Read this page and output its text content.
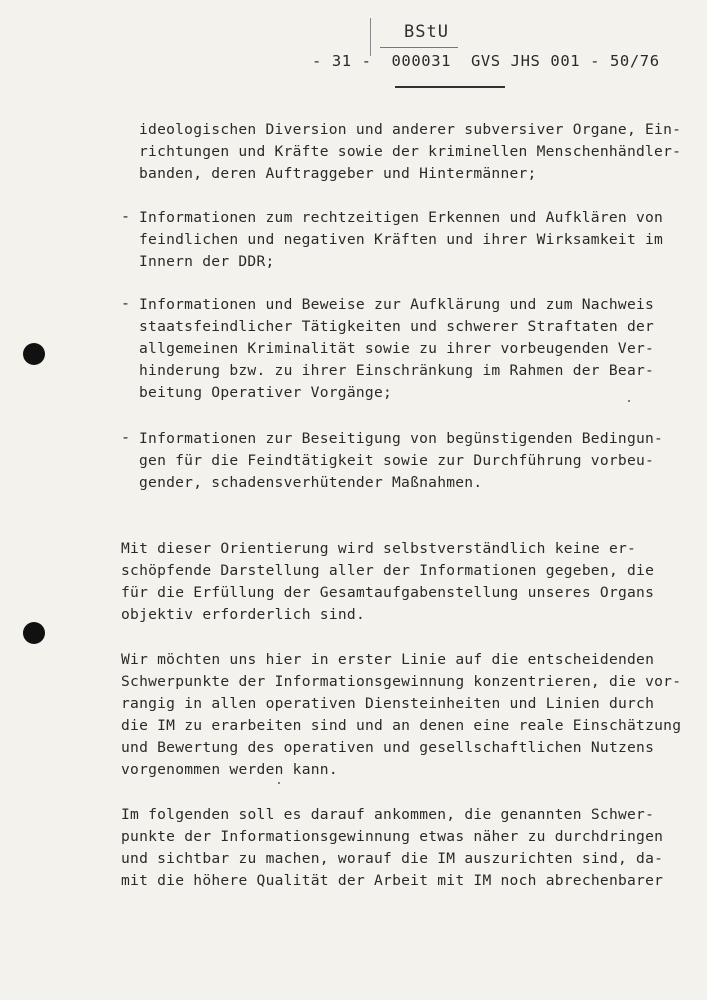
BStU
- 31 - 000031 GVS JHS 001 - 50/76
ideologischen Diversion und anderer subversiver Organe, Ein-
richtungen und Kräfte sowie der kriminellen Menschenhändler-
banden, deren Auftraggeber und Hintermänner;
- Informationen zum rechtzeitigen Erkennen und Aufklären von
feindlichen und negativen Kräften und ihrer Wirksamkeit im
Innern der DDR;
- Informationen und Beweise zur Aufklärung und zum Nachweis
staatsfeindlicher Tätigkeiten und schwerer Straftaten der
allgemeinen Kriminalität sowie zu ihrer vorbeugenden Ver-
hinderung bzw. zu ihrer Einschränkung im Rahmen der Bear-
beitung Operativer Vorgänge;
- Informationen zur Beseitigung von begünstigenden Bedingun-
gen für die Feindtätigkeit sowie zur Durchführung vorbeu-
gender, schadensverhütender Maßnahmen.
Mit dieser Orientierung wird selbstverständlich keine er-
schöpfende Darstellung aller der Informationen gegeben, die
für die Erfüllung der Gesamtaufgabenstellung unseres Organs
objektiv erforderlich sind.
Wir möchten uns hier in erster Linie auf die entscheidenden
Schwerpunkte der Informationsgewinnung konzentrieren, die vor-
rangig in allen operativen Diensteinheiten und Linien durch
die IM zu erarbeiten sind und an denen eine reale Einschätzung
und Bewertung des operativen und gesellschaftlichen Nutzens
vorgenommen werden kann.
Im folgenden soll es darauf ankommen, die genannten Schwer-
punkte der Informationsgewinnung etwas näher zu durchdringen
und sichtbar zu machen, worauf die IM auszurichten sind, da-
mit die höhere Qualität der Arbeit mit IM noch abrechenbarer
